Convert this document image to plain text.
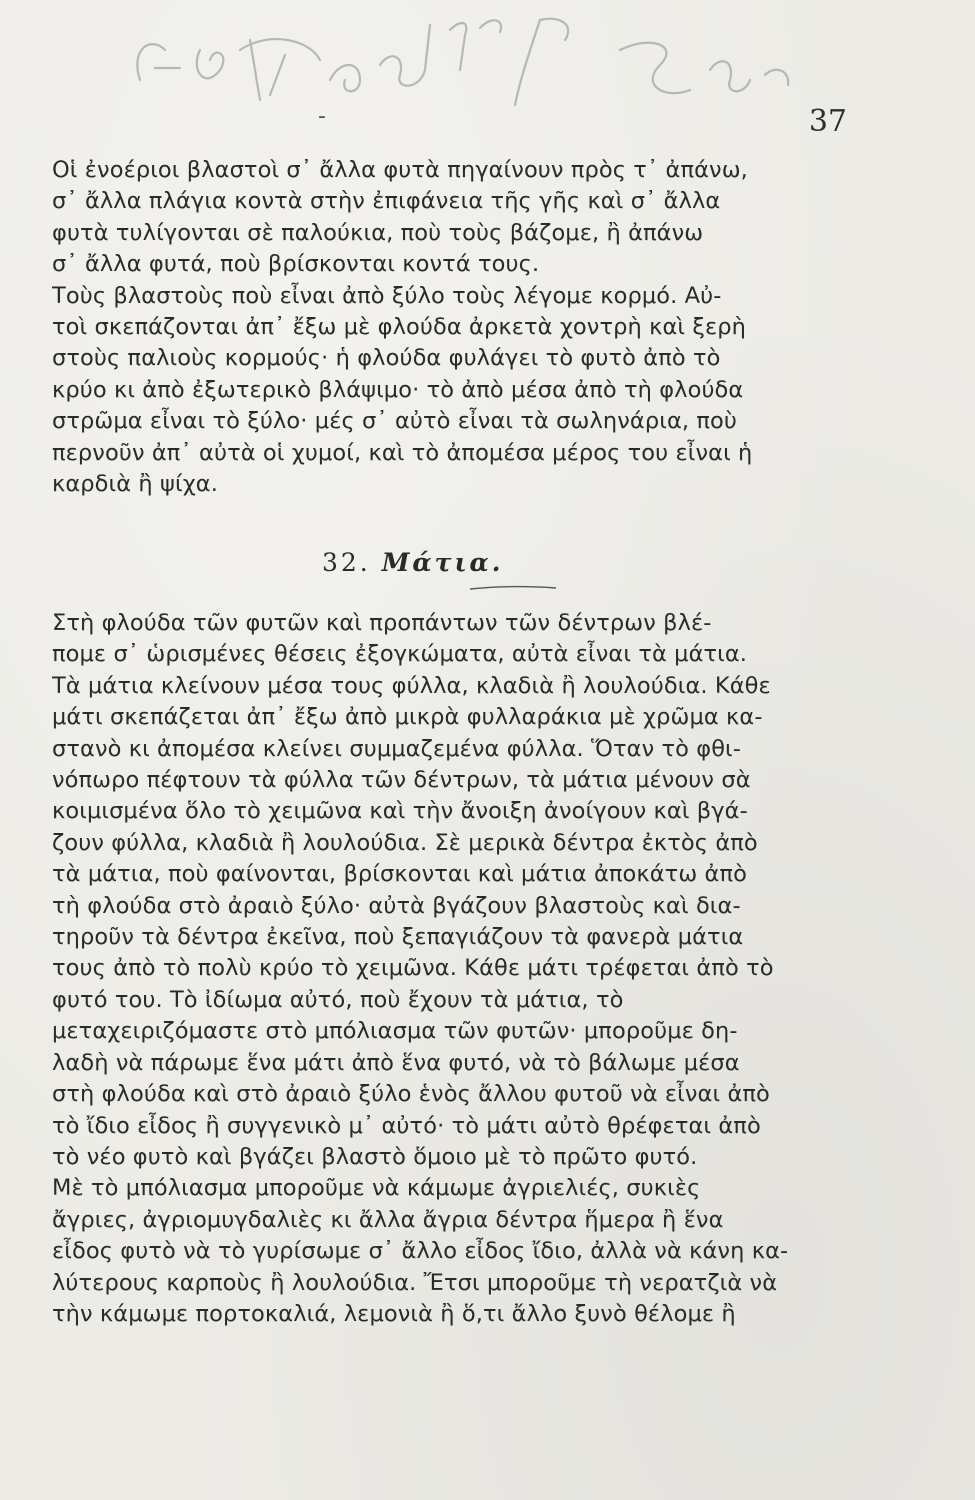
-	37
Οἱ ἐνοέριοι βλαστοὶ σ᾽ ἄλλα φυτὰ πηγαίνουν πρὸς τ᾽ ἀπάνω,
σ᾽ ἄλλα πλάγια κοντὰ στὴν ἐπιφάνεια τῆς γῆς καὶ σ᾽ ἄλλα
φυτὰ τυλίγονται σὲ παλούκια, ποὺ τοὺς βάζομε, ἢ ἀπάνω
σ᾽ ἄλλα φυτά, ποὺ βρίσκονται κοντά τους.
Τοὺς βλαστοὺς ποὺ εἶναι ἀπὸ ξύλο τοὺς λέγομε κορμό. Αὐ-
τοὶ σκεπάζονται ἀπ᾽ ἔξω μὲ φλούδα ἀρκετὰ χοντρὴ καὶ ξερὴ
στοὺς παλιοὺς κορμούς· ἡ φλούδα φυλάγει τὸ φυτὸ ἀπὸ τὸ
κρύο κι ἀπὸ ἐξωτερικὸ βλάψιμο· τὸ ἀπὸ μέσα ἀπὸ τὴ φλούδα
στρῶμα εἶναι τὸ ξύλο· μές σ᾽ αὐτὸ εἶναι τὰ σωληνάρια, ποὺ
περνοῦν ἀπ᾽ αὐτὰ οἱ χυμοί, καὶ τὸ ἀπομέσα μέρος του εἶναι ἡ
καρδιὰ ἢ ψίχα.
32. Μάτια.
Στὴ φλούδα τῶν φυτῶν καὶ προπάντων τῶν δέντρων βλέ-
πομε σ᾽ ὡρισμένες θέσεις ἐξογκώματα, αὐτὰ εἶναι τὰ μάτια.
Τὰ μάτια κλείνουν μέσα τους φύλλα, κλαδιὰ ἢ λουλούδια. Κάθε
μάτι σκεπάζεται ἀπ᾽ ἔξω ἀπὸ μικρὰ φυλλαράκια μὲ χρῶμα κα-
στανὸ κι ἀπομέσα κλείνει συμμαζεμένα φύλλα. Ὅταν τὸ φθι-
νόπωρο πέφτουν τὰ φύλλα τῶν δέντρων, τὰ μάτια μένουν σὰ
κοιμισμένα ὅλο τὸ χειμῶνα καὶ τὴν ἄνοιξη ἀνοίγουν καὶ βγά-
ζουν φύλλα, κλαδιὰ ἢ λουλούδια. Σὲ μερικὰ δέντρα ἐκτὸς ἀπὸ
τὰ μάτια, ποὺ φαίνονται, βρίσκονται καὶ μάτια ἀποκάτω ἀπὸ
τὴ φλούδα στὸ ἀραιὸ ξύλο· αὐτὰ βγάζουν βλαστοὺς καὶ δια-
τηροῦν τὰ δέντρα ἐκεῖνα, ποὺ ξεπαγιάζουν τὰ φανερὰ μάτια
τους ἀπὸ τὸ πολὺ κρύο τὸ χειμῶνα. Κάθε μάτι τρέφεται ἀπὸ τὸ
φυτό του. Τὸ ἰδίωμα αὐτό, ποὺ ἔχουν τὰ μάτια, τὸ
μεταχειριζόμαστε στὸ μπόλιασμα τῶν φυτῶν· μποροῦμε δη-
λαδὴ νὰ πάρωμε ἕνα μάτι ἀπὸ ἕνα φυτό, νὰ τὸ βάλωμε μέσα
στὴ φλούδα καὶ στὸ ἀραιὸ ξύλο ἑνὸς ἄλλου φυτοῦ νὰ εἶναι ἀπὸ
τὸ ἴδιο εἶδος ἢ συγγενικὸ μ᾽ αὐτό· τὸ μάτι αὐτὸ θρέφεται ἀπὸ
τὸ νέο φυτὸ καὶ βγάζει βλαστὸ ὅμοιο μὲ τὸ πρῶτο φυτό.
Μὲ τὸ μπόλιασμα μποροῦμε νὰ κάμωμε ἀγριελιές, συκιὲς
ἄγριες, ἀγριομυγδαλιὲς κι ἄλλα ἄγρια δέντρα ἥμερα ἢ ἕνα
εἶδος φυτὸ νὰ τὸ γυρίσωμε σ᾽ ἄλλο εἶδος ἴδιο, ἀλλὰ νὰ κάνη κα-
λύτερους καρποὺς ἢ λουλούδια. Ἔτσι μποροῦμε τὴ νερατζιὰ νὰ
τὴν κάμωμε πορτοκαλιά, λεμονιὰ ἢ ὅ,τι ἄλλο ξυνὸ θέλομε ἢ
